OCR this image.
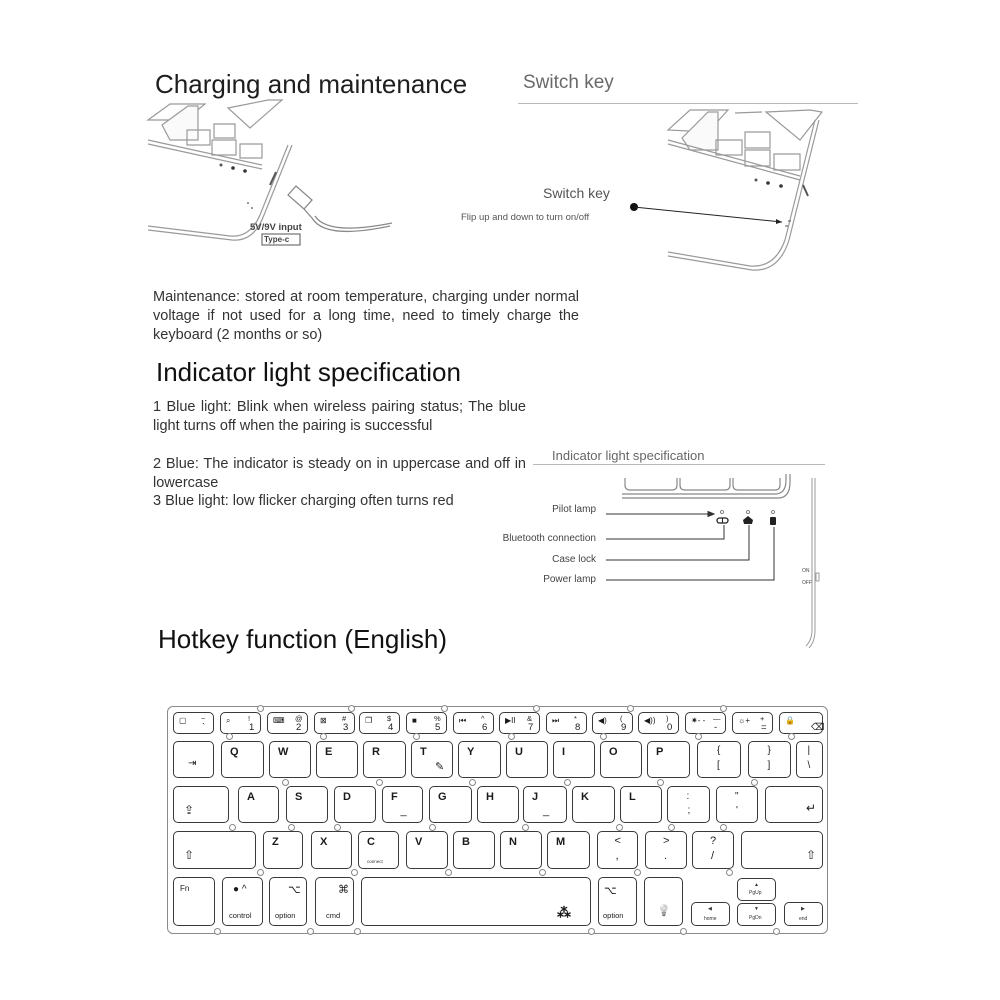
Charging and maintenance
5V/9V input
Type-c
Switch key
Switch key
Flip up and down to turn on/off
Maintenance: stored at room temperature, charging under normal voltage if not used for a long time, need to timely charge the keyboard (2 months or so)
Indicator light specification
1 Blue light: Blink when wireless pairing status; The blue light turns off when the pairing is successful
2 Blue: The indicator is steady on in uppercase and off in lowercase
3 Blue light: low flicker charging often turns red
Indicator light specification
Pilot lamp
Bluetooth connection
Case lock
Power lamp
ON
OFF
Hotkey function (English)
▢ ~
`
⌕ !
1
⌨ @
2
⊠ #
3
❐ $
4
■ %
5
⏮ ^
6
▶II &
7
⏭ *
8
◀) (
9
◀)) )
0
✷- - —
-
☼+ +
=
🔒
⌫
⇥
Q	W	E	R	T
✎
Y	U	I	O	P	{
[
}
]
|
\
⇪
A	S	D	F
_
G	H	J
_
K	L	:
;
"
'	↵
⇧
Z	X	C
connect
V	B	N	M	<
,
>
.
?
/	⇧
Fn	● ^
control
⌥
option
⌘
cmd	⁂
⌥
option	💡	◀
home
▲
PgUp
▼
PgDn
▶
end
